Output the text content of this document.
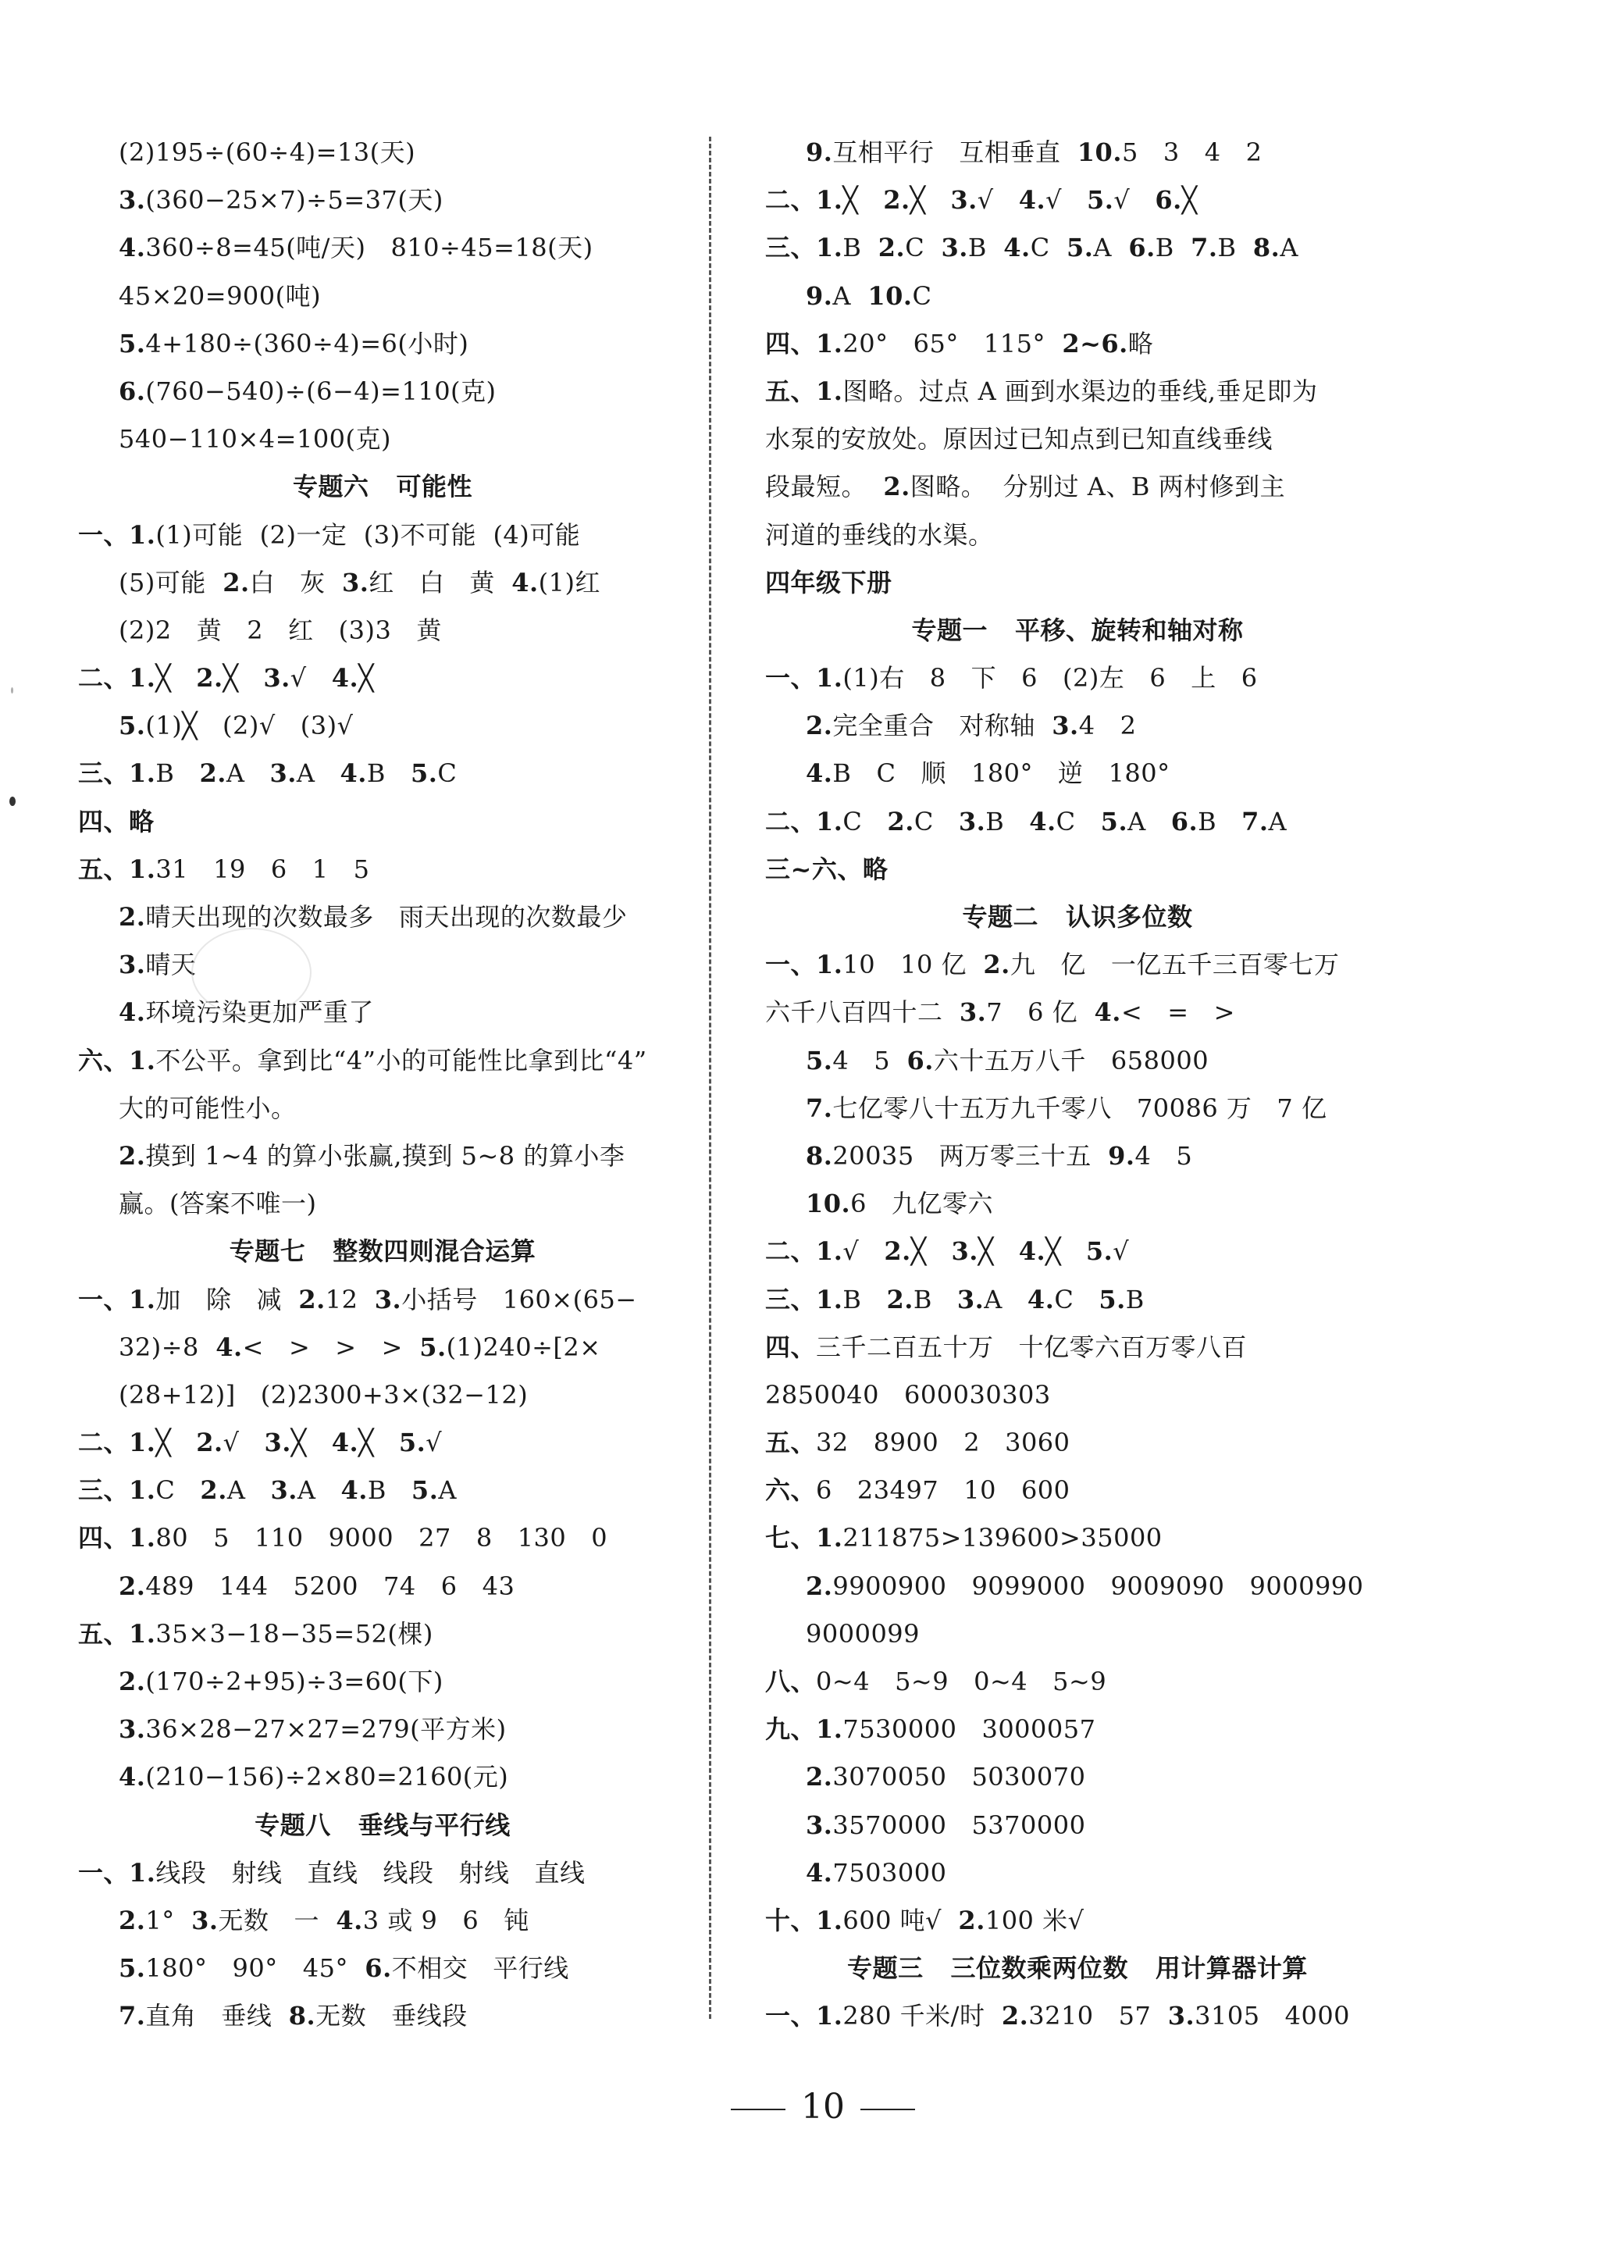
(2)195÷(60÷4)=13(天)
3.(360−25×7)÷5=37(天)
4.360÷8=45(吨/天)   810÷45=18(天)
45×20=900(吨)
5.4+180÷(360÷4)=6(小时)
6.(760−540)÷(6−4)=110(克)
540−110×4=100(克)
专题六   可能性
一、1.(1)可能  (2)一定  (3)不可能  (4)可能
(5)可能  2.白   灰  3.红   白   黄  4.(1)红
(2)2   黄   2   红   (3)3   黄
二、1.╳   2.╳   3.√   4.╳
5.(1)╳   (2)√   (3)√
三、1.B   2.A   3.A   4.B   5.C
四、略
五、1.31   19   6   1   5
2.晴天出现的次数最多   雨天出现的次数最少
3.晴天
4.环境污染更加严重了
六、1.不公平。拿到比“4”小的可能性比拿到比“4”
大的可能性小。
2.摸到 1~4 的算小张赢,摸到 5~8 的算小李
赢。(答案不唯一)
专题七   整数四则混合运算
一、1.加   除   减  2.12  3.小括号   160×(65−
32)÷8  4.<   >   >   >  5.(1)240÷[2×
(28+12)]   (2)2300+3×(32−12)
二、1.╳   2.√   3.╳   4.╳   5.√
三、1.C   2.A   3.A   4.B   5.A
四、1.80   5   110   9000   27   8   130   0
2.489   144   5200   74   6   43
五、1.35×3−18−35=52(棵)
2.(170÷2+95)÷3=60(下)
3.36×28−27×27=279(平方米)
4.(210−156)÷2×80=2160(元)
专题八   垂线与平行线
一、1.线段   射线   直线   线段   射线   直线
2.1°  3.无数   一  4.3 或 9   6   钝
5.180°   90°   45°  6.不相交   平行线
7.直角   垂线  8.无数   垂线段
9.互相平行   互相垂直  10.5   3   4   2
二、1.╳   2.╳   3.√   4.√   5.√   6.╳
三、1.B  2.C  3.B  4.C  5.A  6.B  7.B  8.A
9.A  10.C
四、1.20°   65°   115°  2~6.略
五、1.图略。过点 A 画到水渠边的垂线,垂足即为
水泵的安放处。原因过已知点到已知直线垂线
段最短。  2.图略。  分别过 A、B 两村修到主
河道的垂线的水渠。
四年级下册
专题一   平移、旋转和轴对称
一、1.(1)右   8   下   6   (2)左   6   上   6
2.完全重合   对称轴  3.4   2
4.B   C   顺   180°   逆   180°
二、1.C   2.C   3.B   4.C   5.A   6.B   7.A
三~六、略
专题二   认识多位数
一、1.10   10 亿  2.九   亿   一亿五千三百零七万
六千八百四十二  3.7   6 亿  4.<   =   >
5.4   5  6.六十五万八千   658000
7.七亿零八十五万九千零八   70086 万   7 亿
8.20035   两万零三十五  9.4   5
10.6   九亿零六
二、1.√   2.╳   3.╳   4.╳   5.√
三、1.B   2.B   3.A   4.C   5.B
四、三千二百五十万   十亿零六百万零八百
2850040   600030303
五、32   8900   2   3060
六、6   23497   10   600
七、1.211875>139600>35000
2.9900900   9099000   9009090   9000990
9000099
八、0~4   5~9   0~4   5~9
九、1.7530000   3000057
2.3070050   5030070
3.3570000   5370000
4.7503000
十、1.600 吨√  2.100 米√
专题三   三位数乘两位数   用计算器计算
一、1.280 千米/时  2.3210   57  3.3105   4000

10
